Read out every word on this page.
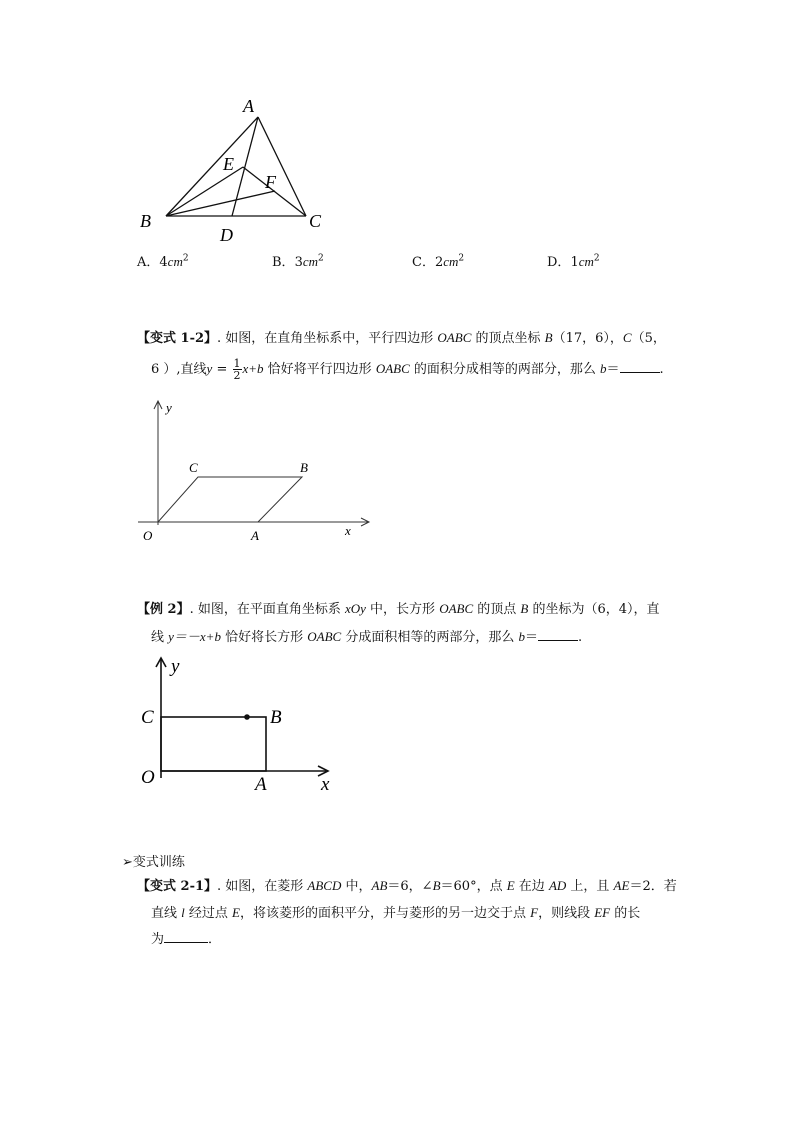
A
E
F
B	C
D
A．$4cm^2$	B．$3cm^2$	C．$2cm^2$	D．$1cm^2$
【变式 1-2】. 如图，在直角坐标系中，平行四边形 OABC 的顶点坐标 B（17，6），C（5，
6 ）,直线$y = \frac{1}{2} x+b$ 恰好将平行四边形 OABC 的面积分成相等的两部分，那么 b＝	.
y
C	B
O	A	x
【例 2】. 如图，在平面直角坐标系 xOy 中，长方形 OABC 的顶点 B 的坐标为（6，4），直
线 y＝－x+b 恰好将长方形 OABC 分成面积相等的两部分，那么 b＝	.
y
C	B
O	A	x
➢变式训练
【变式 2-1】. 如图，在菱形 ABCD 中，AB＝6，∠B＝60°，点 E 在边 AD 上，且 AE＝2．若
直线 l 经过点 E，将该菱形的面积平分，并与菱形的另一边交于点 F，则线段 EF 的长
为	．
